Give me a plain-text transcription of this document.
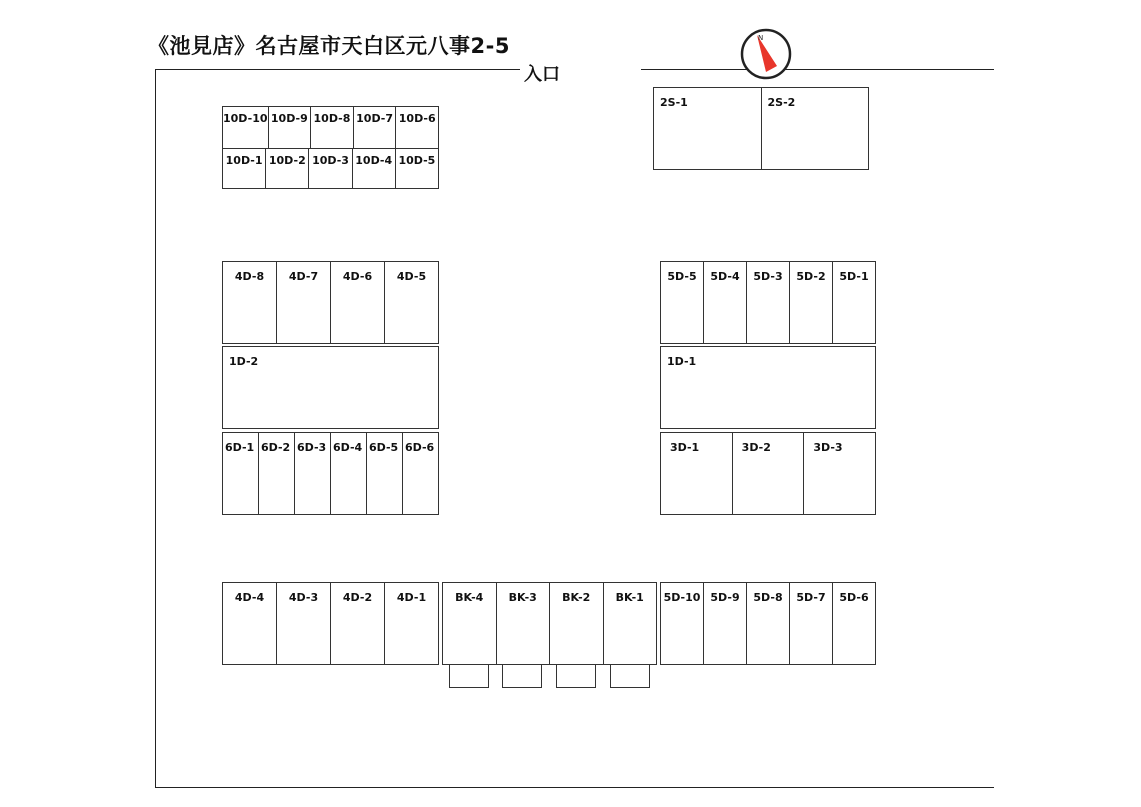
《池見店》名古屋市天白区元八事2-5
入口
N
10D-10 10D-9 10D-8 10D-7 10D-6
10D-1 10D-2 10D-3 10D-4 10D-5
2S-1	2S-2
4D-8	4D-7	4D-6	4D-5	5D-5	5D-4	5D-3	5D-2	5D-1
1D-2	1D-1
6D-1 6D-2 6D-3 6D-4 6D-5 6D-6	3D-1	3D-2	3D-3
4D-4	4D-3	4D-2	4D-1	BK-4	BK-3	BK-2	BK-1	5D-10 5D-9	5D-8	5D-7	5D-6
